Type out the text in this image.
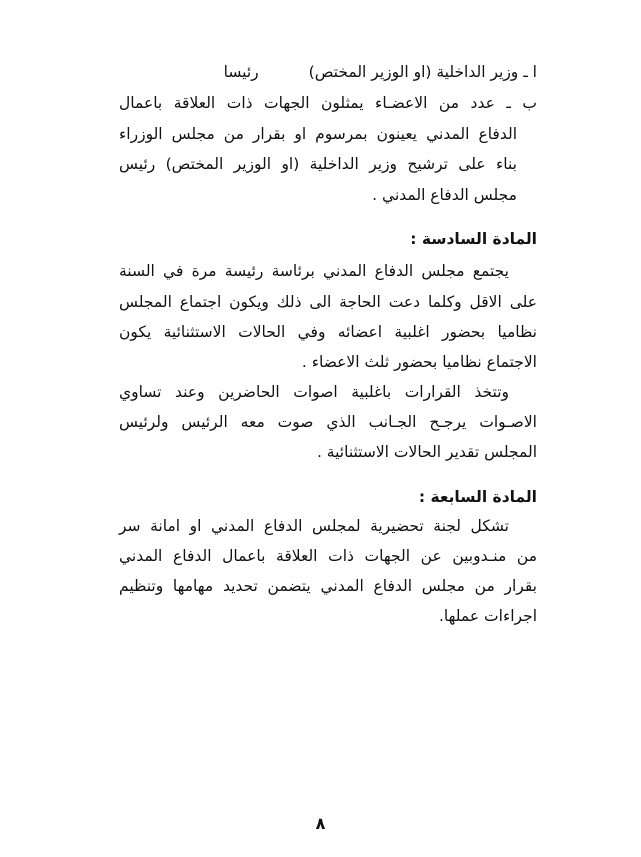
ا ـ وزير الداخلية (او الوزير المختص)رئيسا
ب ـ عدد من الاعضـاء يمثلون الجهات ذات العلاقة باعمال
الدفاع المدني يعينون بمرسوم او بقرار من مجلس الوزراء
بناء على ترشيح وزير الداخلية (او الوزير المختص) رئيس
مجلس الدفاع المدني .
المادة السادسة :
يجتمع مجلس الدفاع المدني برئاسة رئيسة مرة في السنة
على الاقل وكلما دعت الحاجة الى ذلك ويكون اجتماع المجلس
نظاميا بحضور اغلبية اعضائه وفي الحالات الاستثنائية يكون
الاجتماع نظاميا بحضور ثلث الاعضاء .
وتتخذ القرارات باغلبية اصوات الحاضرين وعند تساوي
الاصـوات يرجـح الجـانب الذي صوت معه الرئيس ولرئيس
المجلس تقدير الحالات الاستثنائية .
المادة السابعة :
تشكل لجنة تحضيرية لمجلس الدفاع المدني او امانة سر
من منـدوبين عن الجهات ذات العلاقة باعمال الدفاع المدني
بقرار من مجلس الدفاع المدني يتضمن تحديد مهامها وتنظيم
اجراءات عملها.
٨
